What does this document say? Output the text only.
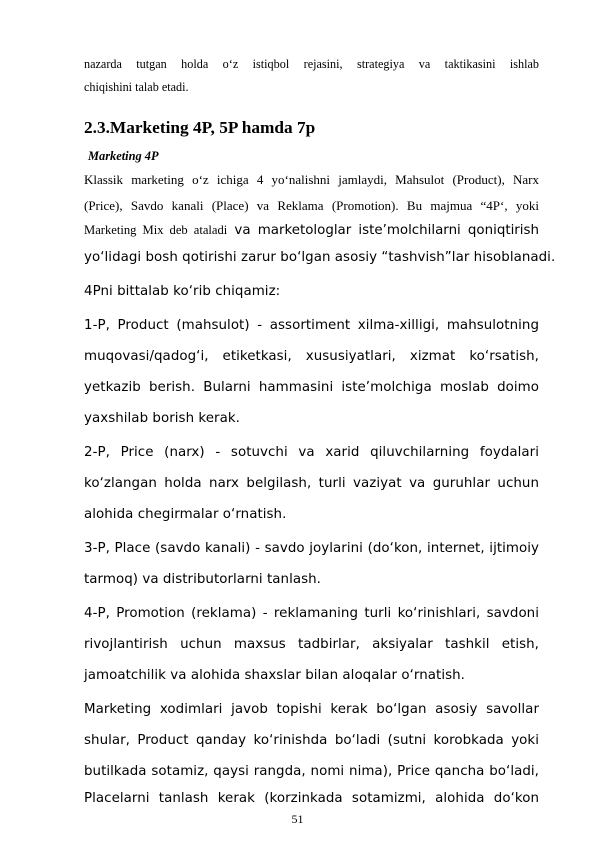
nazarda tutgan holda o‘z istiqbol rejasini, strategiya va taktikasini ishlab
chiqishini talab etadi.
2.3.Marketing 4P, 5P hamda 7p
Marketing 4P
Klassik marketing o‘z ichiga 4 yo‘nalishni jamlaydi, Mahsulot (Product), Narx
(Price), Savdo kanali (Place) va Reklama (Promotion). Bu majmua “4P‘, yoki
Marketing Mix deb ataladi va marketologlar iste’molchilarni qoniqtirish
yo‘lidagi bosh qotirishi zarur bo‘lgan asosiy “tashvish”lar hisoblanadi.
4Pni bittalab ko‘rib chiqamiz:
1-P, Product (mahsulot) - assortiment xilma-xilligi, mahsulotning
muqovasi/qadog‘i, etiketkasi, xususiyatlari, xizmat ko‘rsatish,
yetkazib berish. Bularni hammasini iste’molchiga moslab doimo
yaxshilab borish kerak.
2-P, Price (narx) - sotuvchi va xarid qiluvchilarning foydalari
ko‘zlangan holda narx belgilash, turli vaziyat va guruhlar uchun
alohida chegirmalar o‘rnatish.
3-P, Place (savdo kanali) - savdo joylarini (do‘kon, internet, ijtimoiy
tarmoq) va distributorlarni tanlash.
4-P, Promotion (reklama) - reklamaning turli ko‘rinishlari, savdoni
rivojlantirish uchun maxsus tadbirlar, aksiyalar tashkil etish,
jamoatchilik va alohida shaxslar bilan aloqalar o‘rnatish.
Marketing xodimlari javob topishi kerak bo‘lgan asosiy savollar
shular, Product qanday ko‘rinishda bo‘ladi (sutni korobkada yoki
butilkada sotamiz, qaysi rangda, nomi nima), Price qancha bo‘ladi,
Placelarni tanlash kerak (korzinkada sotamizmi, alohida do‘kon
51
